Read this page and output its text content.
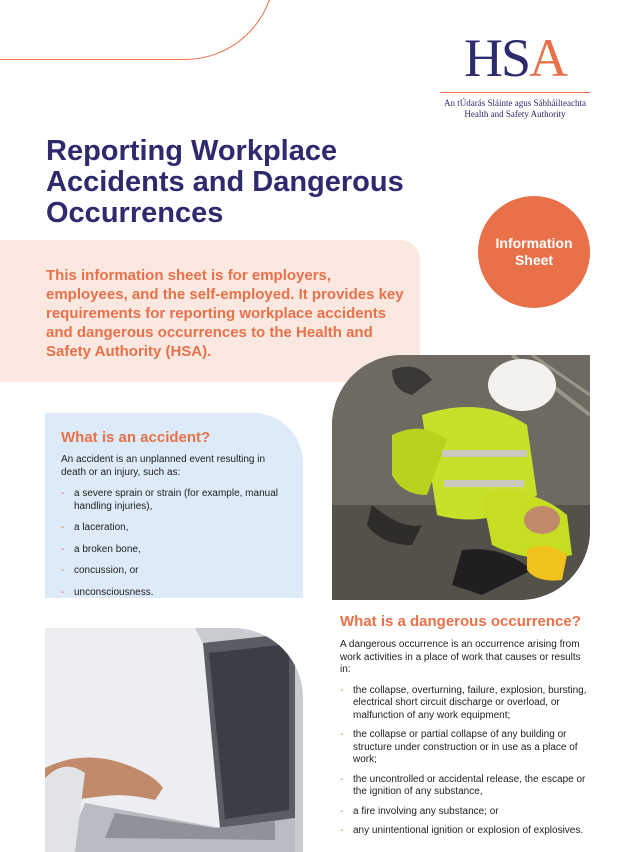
HSA
An tÚdarás Sláinte agus Sábháilteachta
Health and Safety Authority
Reporting Workplace Accidents and Dangerous Occurrences
Information Sheet

This information sheet is for employers, employees, and the self-employed. It provides key requirements for reporting workplace accidents and dangerous occurrences to the Health and Safety Authority (HSA).

What is an accident?

An accident is an unplanned event resulting in death or an injury, such as:

- a severe sprain or strain (for example, manual handling injuries),
- a laceration,
- a broken bone,
- concussion, or
- unconsciousness.
What is a dangerous occurrence?

A dangerous occurrence is an occurrence arising from work activities in a place of work that causes or results in:

- the collapse, overturning, failure, explosion, bursting, electrical short circuit discharge or overload, or malfunction of any work equipment;
- the collapse or partial collapse of any building or structure under construction or in use as a place of work;
- the uncontrolled or accidental release, the escape or the ignition of any substance,
- a fire involving any substance; or
- any unintentional ignition or explosion of explosives.
